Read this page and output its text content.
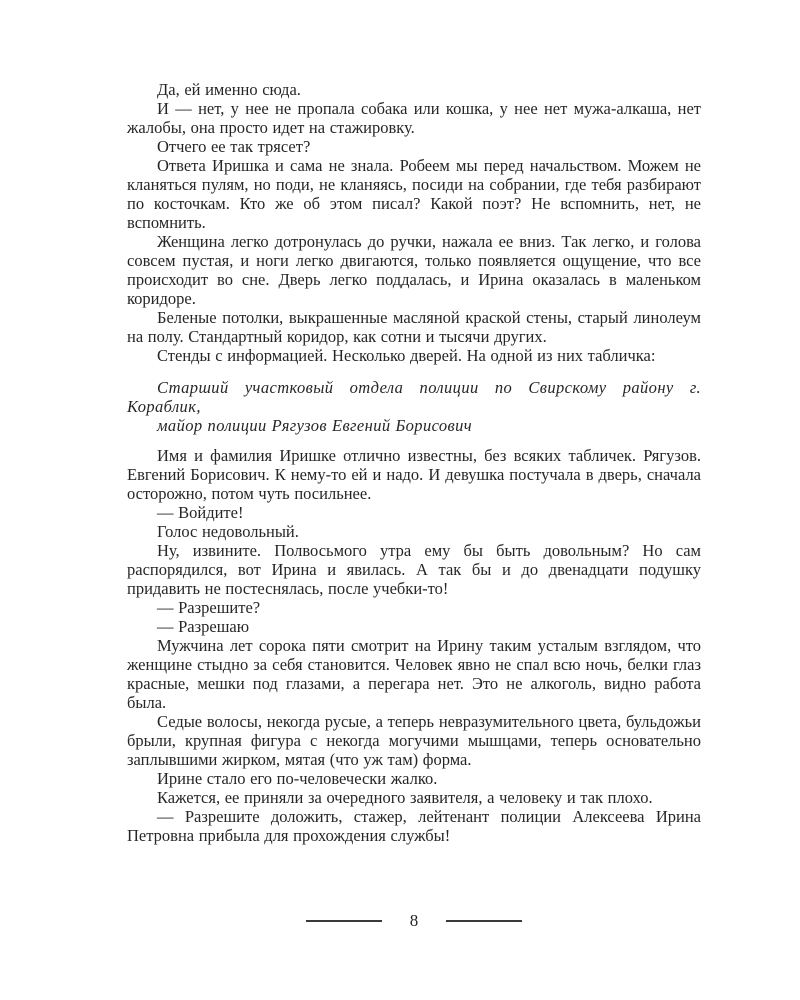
Да, ей именно сюда.

И — нет, у нее не пропала собака или кошка, у нее нет мужа-алкаша, нет жалобы, она просто идет на стажировку.

Отчего ее так трясет?

Ответа Иришка и сама не знала. Робеем мы перед начальством. Можем не кланяться пулям, но поди, не кланяясь, посиди на собрании, где тебя разбирают по косточкам. Кто же об этом писал? Какой поэт? Не вспомнить, нет, не вспомнить.

Женщина легко дотронулась до ручки, нажала ее вниз. Так легко, и голова совсем пустая, и ноги легко двигаются, только появляется ощущение, что все происходит во сне. Дверь легко поддалась, и Ирина оказалась в маленьком коридоре.

Беленые потолки, выкрашенные масляной краской стены, старый линолеум на полу. Стандартный коридор, как сотни и тысячи других.

Стенды с информацией. Несколько дверей. На одной из них табличка:

Старший участковый отдела полиции по Свирскому району г. Кораблик,

майор полиции Рягузов Евгений Борисович

Имя и фамилия Иришке отлично известны, без всяких табличек. Рягузов. Евгений Борисович. К нему-то ей и надо. И девушка постучала в дверь, сначала осторожно, потом чуть посильнее.

— Войдите!

Голос недовольный.

Ну, извините. Полвосьмого утра ему бы быть довольным? Но сам распорядился, вот Ирина и явилась. А так бы и до двенадцати подушку придавить не постеснялась, после учебки-то!

— Разрешите?

— Разрешаю

Мужчина лет сорока пяти смотрит на Ирину таким усталым взглядом, что женщине стыдно за себя становится. Человек явно не спал всю ночь, белки глаз красные, мешки под глазами, а перегара нет. Это не алкоголь, видно работа была.

Седые волосы, некогда русые, а теперь невразумительного цвета, бульдожьи брыли, крупная фигура с некогда могучими мышцами, теперь основательно заплывшими жирком, мятая (что уж там) форма.

Ирине стало его по-человечески жалко.

Кажется, ее приняли за очередного заявителя, а человеку и так плохо.

— Разрешите доложить, стажер, лейтенант полиции Алексеева Ирина Петровна прибыла для прохождения службы!

8
